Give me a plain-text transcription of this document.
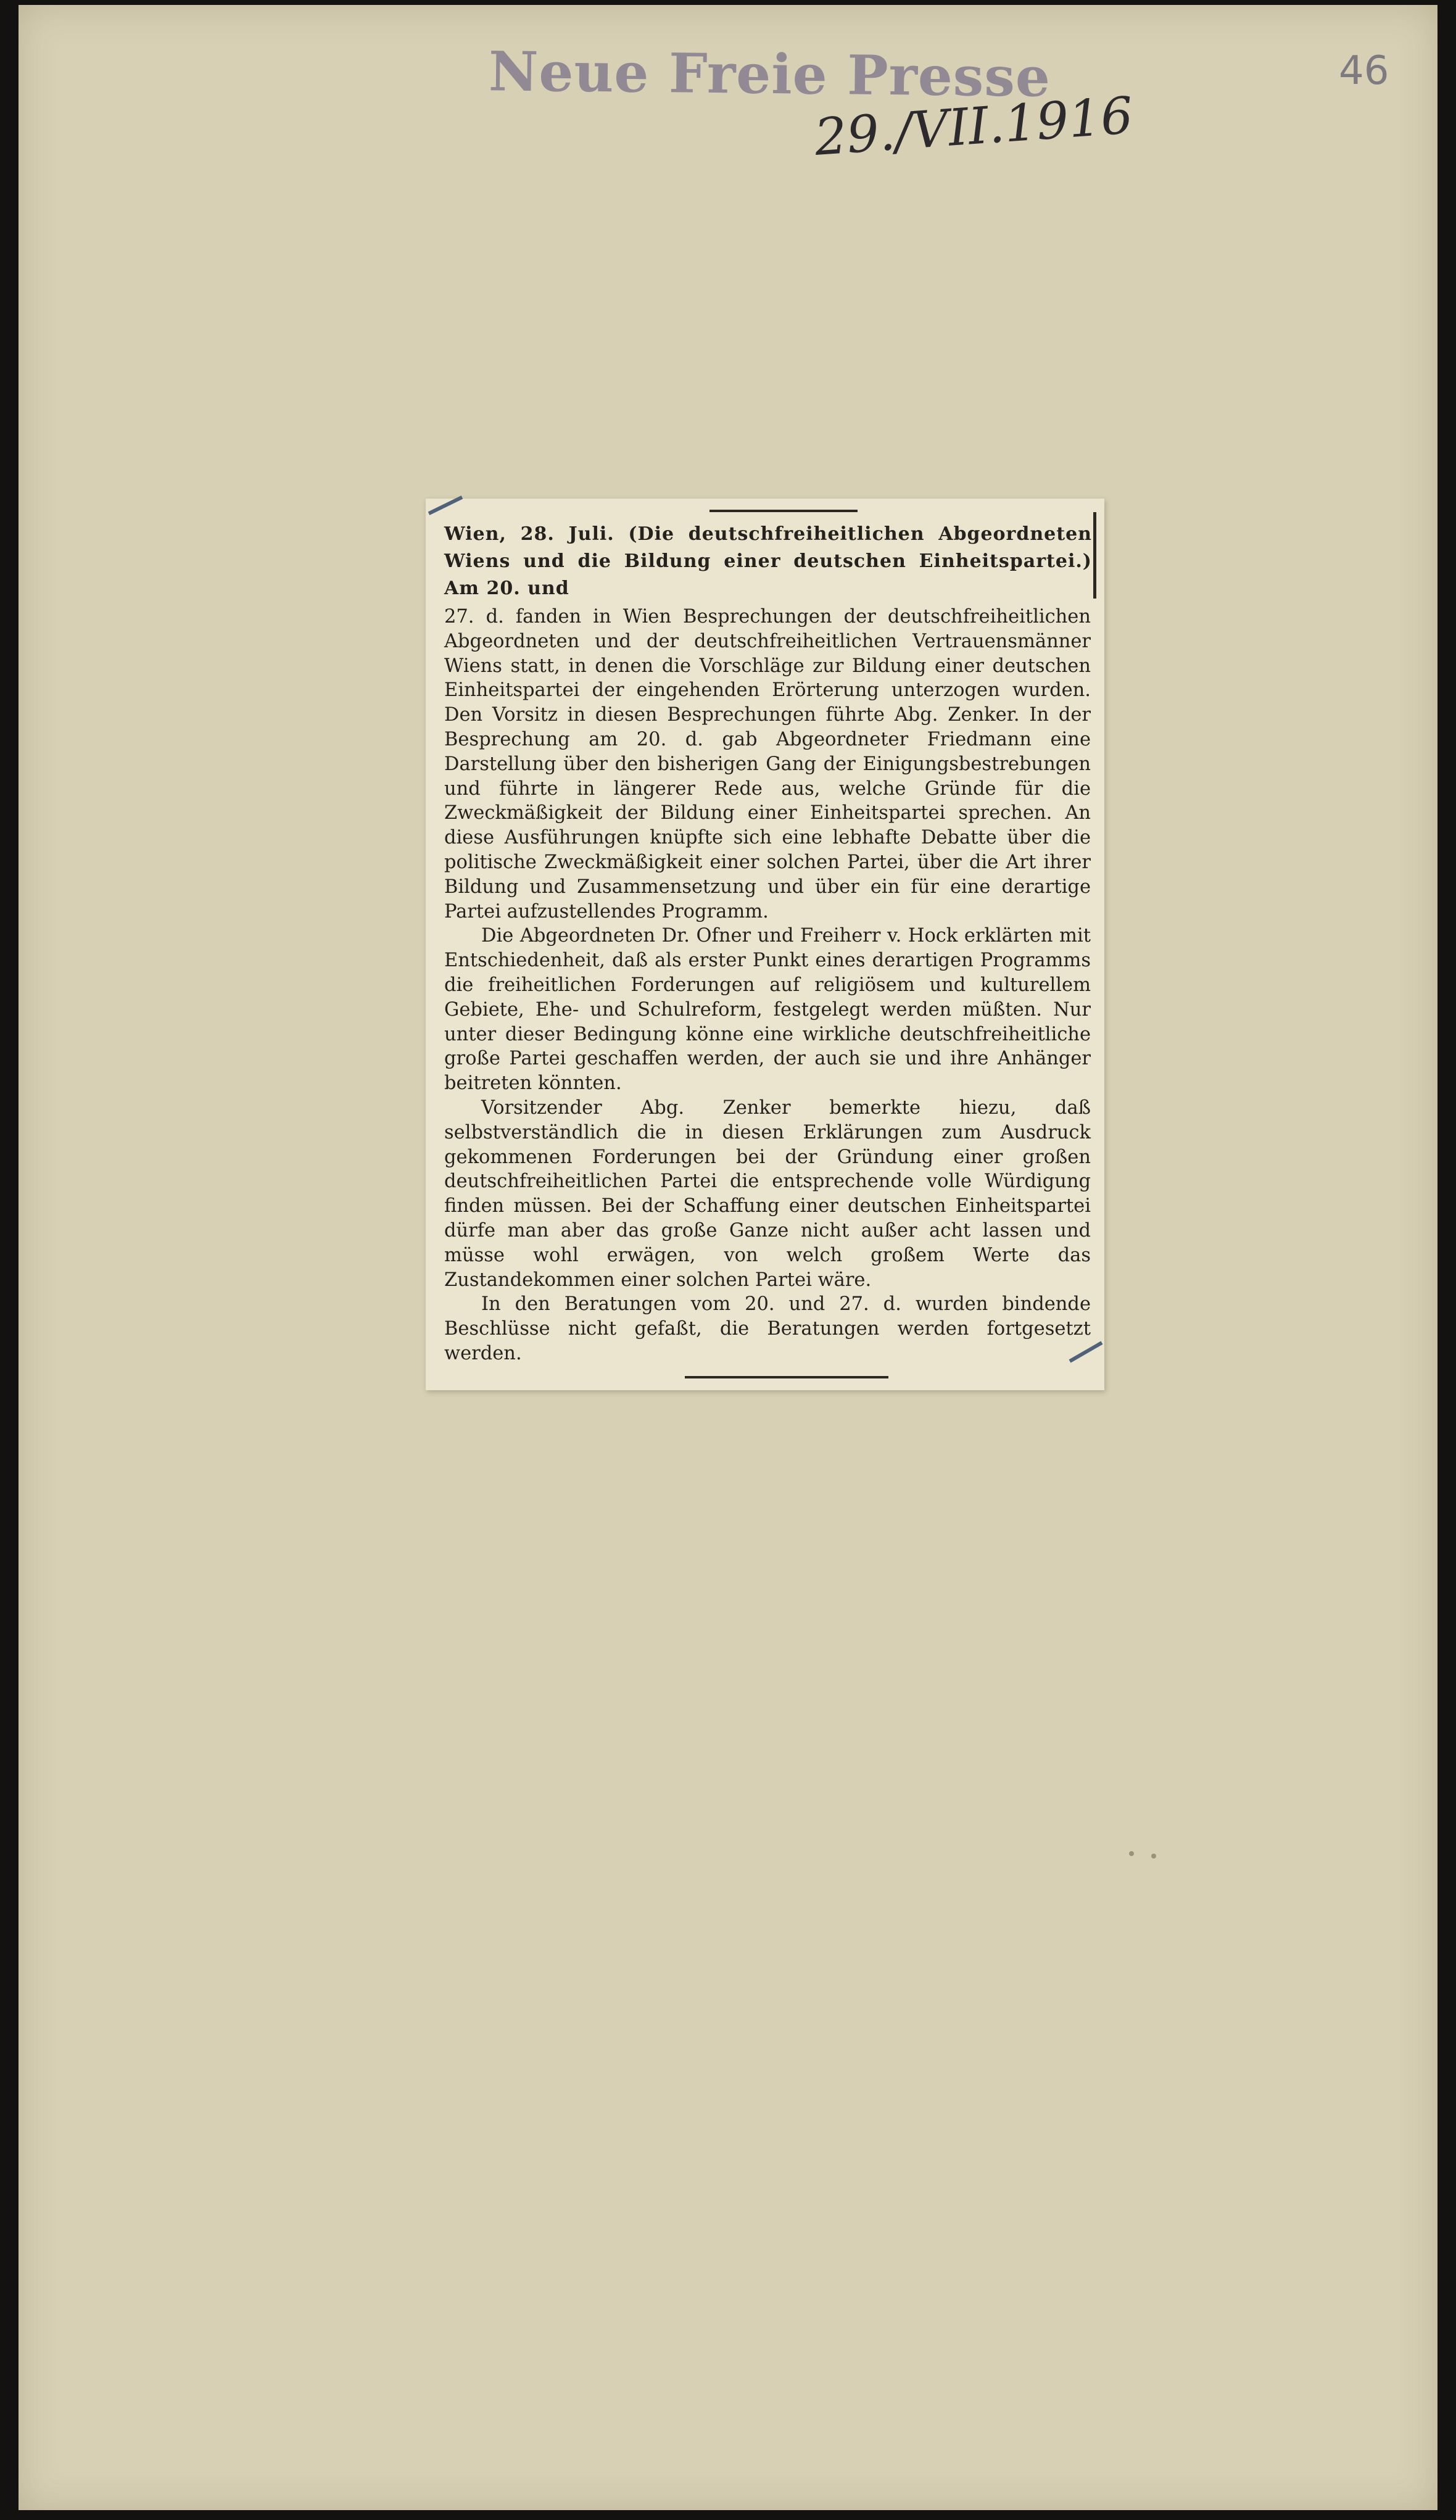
Neue Freie Presse
29./VII.1916
46
Wien, 28. Juli. (Die deutschfreiheitlichen Abgeordneten Wiens und die Bildung einer deutschen Einheitspartei.) Am 20. und

27. d. fanden in Wien Besprechungen der deutschfreiheitlichen Abgeordneten und der deutschfreiheitlichen Vertrauensmänner Wiens statt, in denen die Vorschläge zur Bildung einer deutschen Einheitspartei der eingehenden Erörterung unterzogen wurden. Den Vorsitz in diesen Besprechungen führte Abg. Zenker. In der Besprechung am 20. d. gab Abgeordneter Friedmann eine Darstellung über den bisherigen Gang der Einigungsbestrebungen und führte in längerer Rede aus, welche Gründe für die Zweckmäßigkeit der Bildung einer Einheitspartei sprechen. An diese Ausführungen knüpfte sich eine lebhafte Debatte über die politische Zweckmäßigkeit einer solchen Partei, über die Art ihrer Bildung und Zusammensetzung und über ein für eine derartige Partei aufzustellendes Programm.

Die Abgeordneten Dr. Ofner und Freiherr v. Hock erklärten mit Entschiedenheit, daß als erster Punkt eines derartigen Programms die freiheitlichen Forderungen auf religiösem und kulturellem Gebiete, Ehe- und Schulreform, festgelegt werden müßten. Nur unter dieser Bedingung könne eine wirkliche deutschfreiheitliche große Partei geschaffen werden, der auch sie und ihre Anhänger beitreten könnten.

Vorsitzender Abg. Zenker bemerkte hiezu, daß selbstverständlich die in diesen Erklärungen zum Ausdruck gekommenen Forderungen bei der Gründung einer großen deutschfreiheitlichen Partei die entsprechende volle Würdigung finden müssen. Bei der Schaffung einer deutschen Einheitspartei dürfe man aber das große Ganze nicht außer acht lassen und müsse wohl erwägen, von welch großem Werte das Zustandekommen einer solchen Partei wäre.

In den Beratungen vom 20. und 27. d. wurden bindende Beschlüsse nicht gefaßt, die Beratungen werden fortgesetzt werden.
